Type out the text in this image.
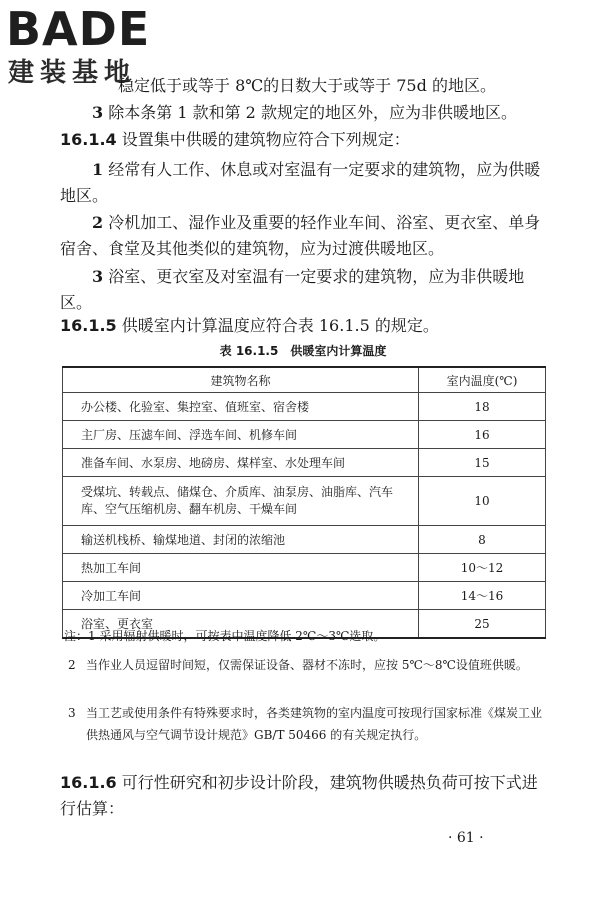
BADE
建装基地

稳定低于或等于 8℃的日数大于或等于 75d 的地区。

3 除本条第 1 款和第 2 款规定的地区外，应为非供暖地区。

16.1.4 设置集中供暖的建筑物应符合下列规定：

1 经常有人工作、休息或对室温有一定要求的建筑物，应为供暖地区。

2 冷机加工、湿作业及重要的轻作业车间、浴室、更衣室、单身宿舍、食堂及其他类似的建筑物，应为过渡供暖地区。

3 浴室、更衣室及对室温有一定要求的建筑物，应为非供暖地区。

16.1.5 供暖室内计算温度应符合表 16.1.5 的规定。

表 16.1.5　供暖室内计算温度
建筑物名称	室内温度(℃)
办公楼、化验室、集控室、值班室、宿舍楼	18
主厂房、压滤车间、浮选车间、机修车间	16
准备车间、水泵房、地磅房、煤样室、水处理车间	15
受煤坑、转载点、储煤仓、介质库、油泵房、油脂库、汽车库、空气压缩机房、翻车机房、干燥车间	10
输送机栈桥、输煤地道、封闭的浓缩池	8
热加工车间	10～12
冷加工车间	14～16
浴室、更衣室	25
注：1 采用辐射供暖时，可按表中温度降低 2℃～3℃选取。
2 当作业人员逗留时间短，仅需保证设备、器材不冻时，应按 5℃～8℃设值班供暖。
3 当工艺或使用条件有特殊要求时，各类建筑物的室内温度可按现行国家标准《煤炭工业供热通风与空气调节设计规范》GB/T 50466 的有关规定执行。

16.1.6 可行性研究和初步设计阶段，建筑物供暖热负荷可按下式进行估算：

· 61 ·
